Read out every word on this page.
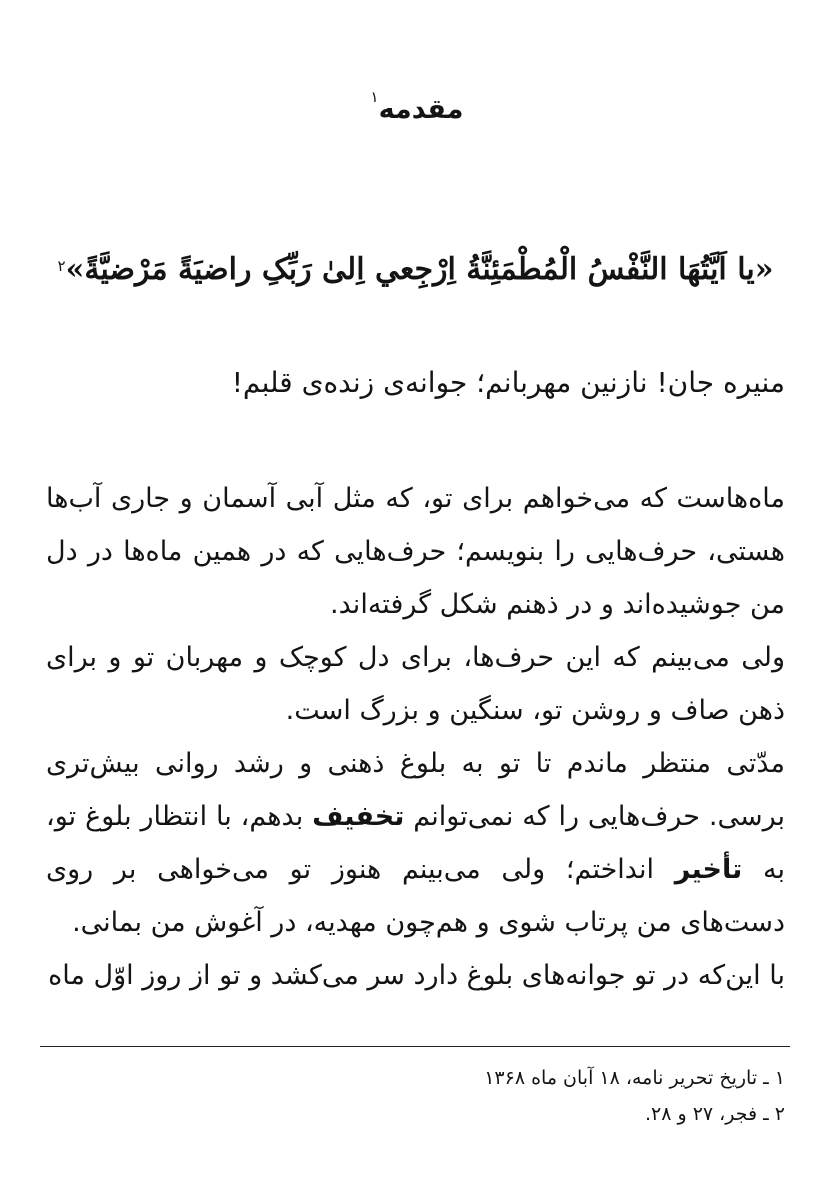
مقدمه$^۱$
«یا اَیَّتُهَا النَّفْسُ الْمُطْمَئِنَّةُ اِرْجِعي اِلیٰ رَبِّکِ راضیَةً مَرْضیَّةً»$^۲$
منیره جان! نازنین مهربانم؛ جوانه‌ی زنده‌ی قلبم!

ماه‌هاست که می‌خواهم برای تو، که مثل آبی آسمان و جاری آب‌ها هستی، حرف‌هایی را بنویسم؛ حرف‌هایی که در همین ماه‌ها در دل من جوشیده‌اند و در ذهنم شکل گرفته‌اند.

ولی می‌بینم که این حرف‌ها، برای دل کوچک و مهربان تو و برای ذهن صاف و روشن تو، سنگین و بزرگ است.

مدّتی منتظر ماندم تا تو به بلوغ ذهنی و رشد روانی بیش‌تری برسی. حرف‌هایی را که نمی‌توانم تخفیف بدهم، با انتظار بلوغ تو، به تأخیر انداختم؛ ولی می‌بینم هنوز تو می‌خواهی بر روی دست‌های من پرتاب شوی و هم‌چون مهدیه، در آغوش من بمانی.

با این‌که در تو جوانه‌های بلوغ دارد سر می‌کشد و تو از روز اوّل ماه

۱ ـ تاریخ تحریر نامه، ۱۸ آبان ماه ۱۳۶۸
۲ ـ فجر، ۲۷ و ۲۸.
